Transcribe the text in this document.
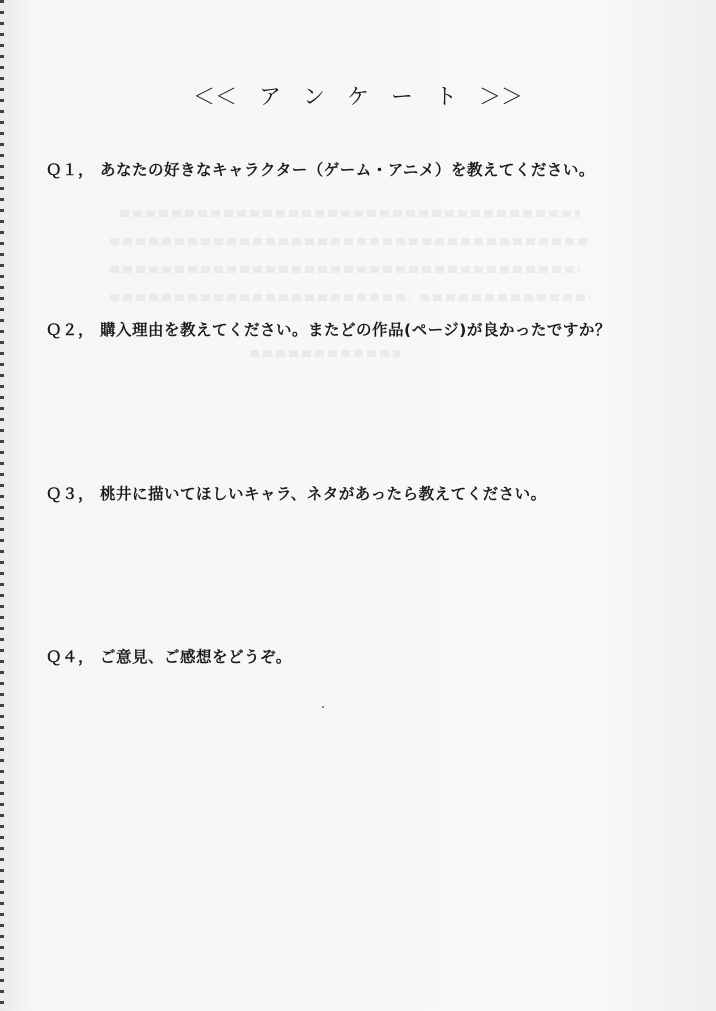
＜＜　ア　ン　ケ　ー　ト　＞＞
Ｑ１， あなたの好きなキャラクター（ゲーム・アニメ）を教えてください。
Ｑ２， 購入理由を教えてください。またどの作品(ページ)が良かったですか？
Ｑ３， 桃井に描いてほしいキャラ、ネタがあったら教えてください。
Ｑ４， ご意見、ご感想をどうぞ。
